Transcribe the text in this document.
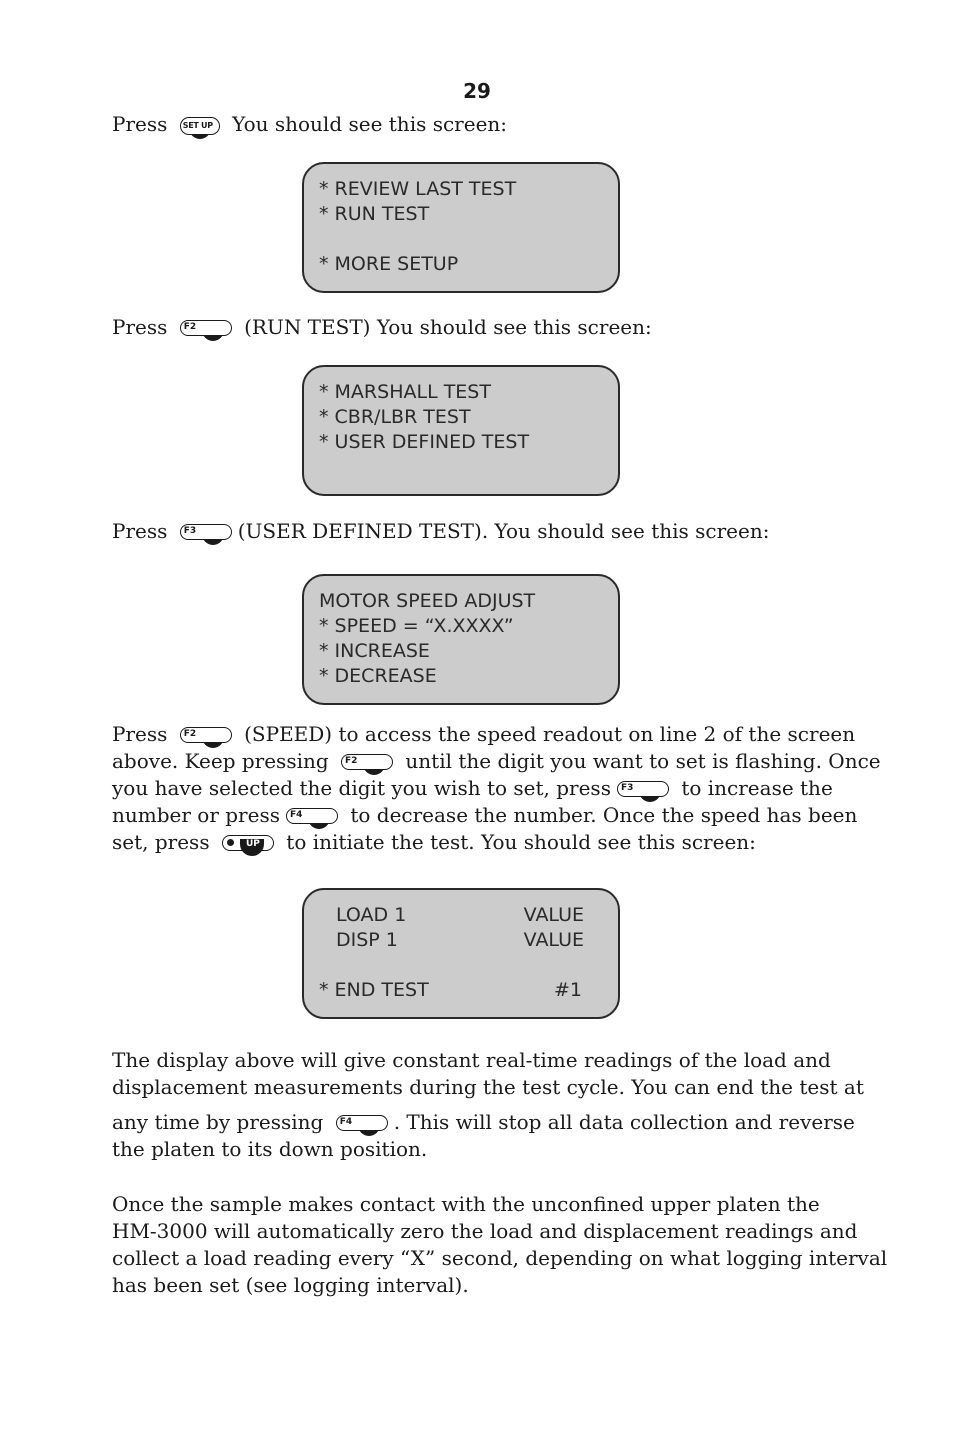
29

Press SET UP You should see this screen:

* REVIEW LAST TEST
* RUN TEST
* MORE SETUP

Press F2 (RUN TEST) You should see this screen:

* MARSHALL TEST
* CBR/LBR TEST
* USER DEFINED TEST

Press F3 (USER DEFINED TEST). You should see this screen:

MOTOR SPEED ADJUST
* SPEED = “X.XXXX”
* INCREASE
* DECREASE

Press F2 (SPEED) to access the speed readout on line 2 of the screen

above. Keep pressing F2 until the digit you want to set is flashing. Once

you have selected the digit you wish to set, press F3 to increase the

number or press F4 to decrease the number. Once the speed has been

set, press	UP to initiate the test. You should see this screen:

LOAD 1	VALUE
DISP 1	VALUE
* END TEST	#1

The display above will give constant real-time readings of the load and

displacement measurements during the test cycle. You can end the test at

any time by pressing F4 . This will stop all data collection and reverse

the platen to its down position.

Once the sample makes contact with the unconfined upper platen the

HM-3000 will automatically zero the load and displacement readings and

collect a load reading every “X” second, depending on what logging interval

has been set (see logging interval).
